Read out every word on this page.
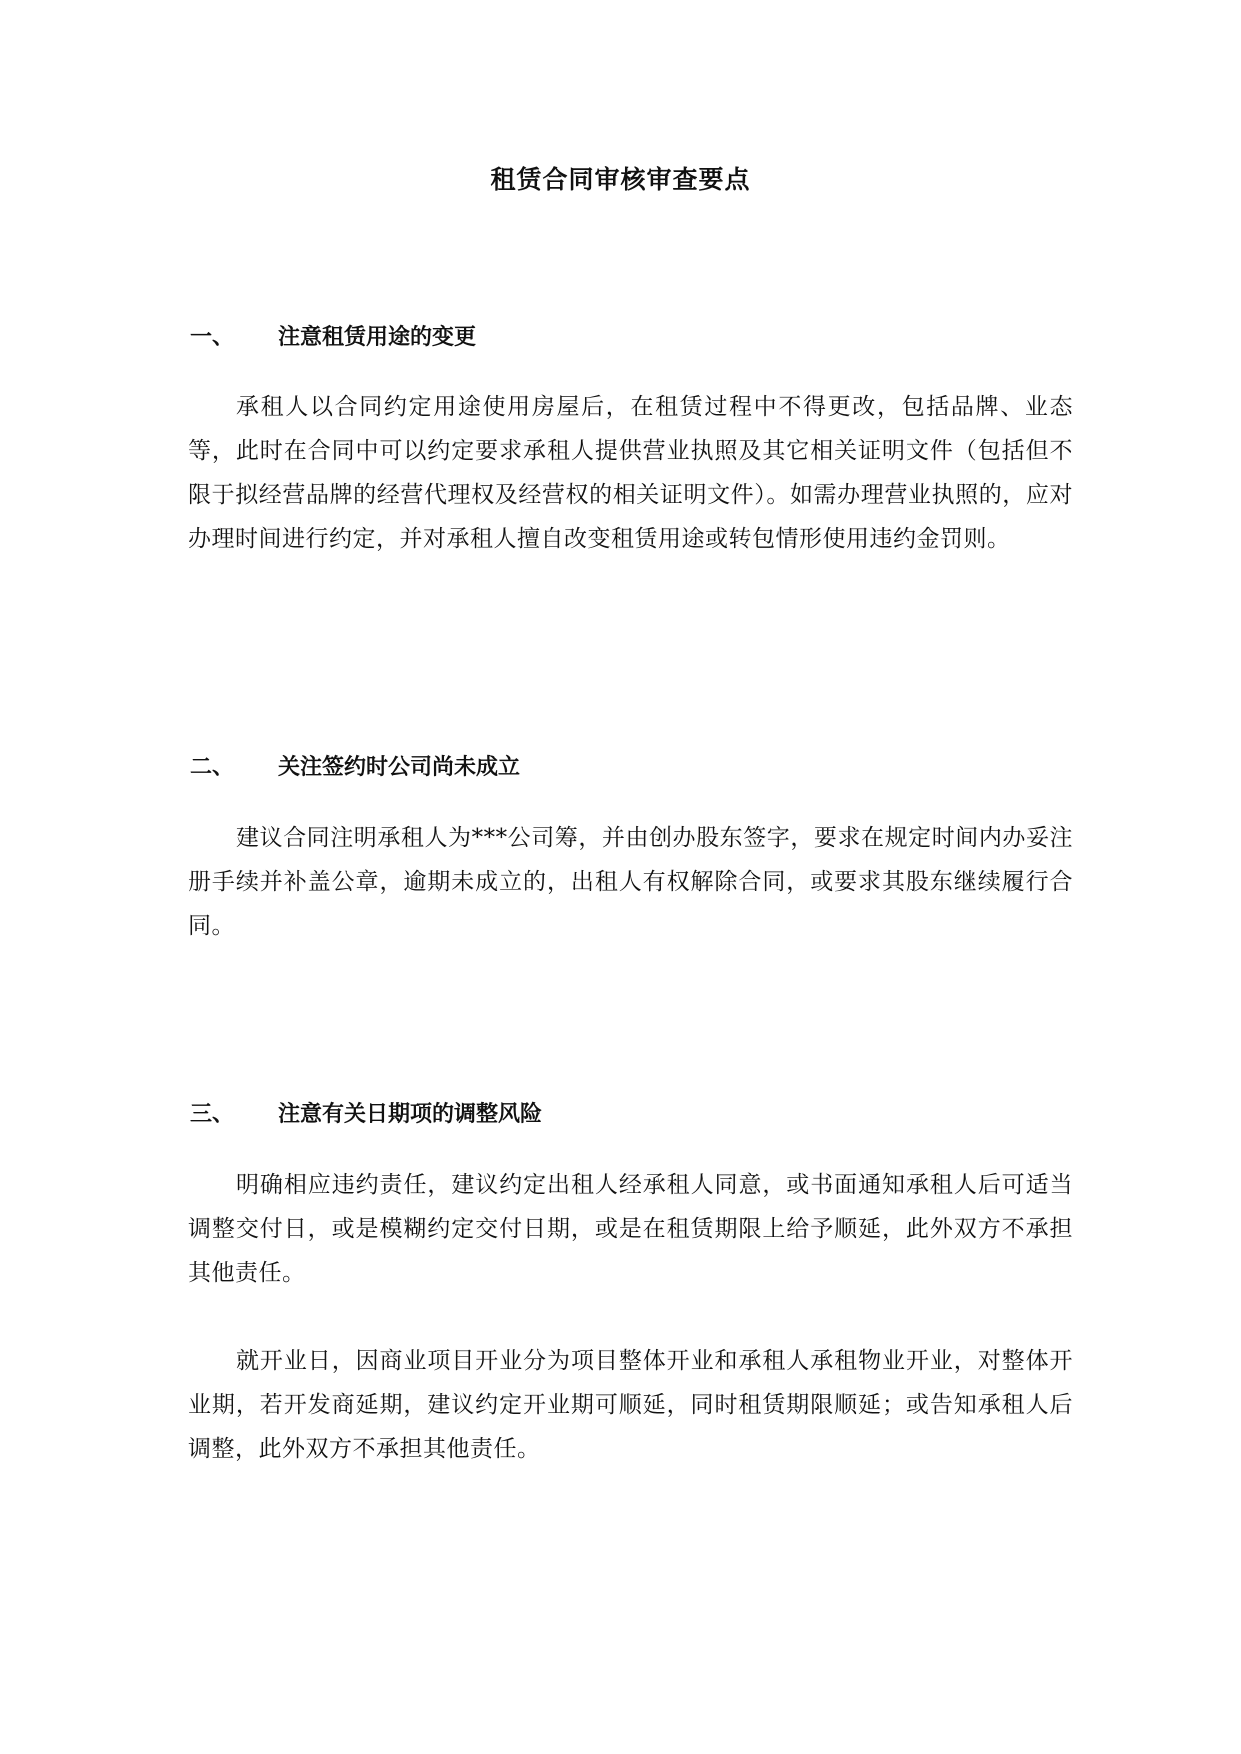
租赁合同审核审查要点
一、 注意租赁用途的变更

承租人以合同约定用途使用房屋后，在租赁过程中不得更改，包括品牌、业态等，此时在合同中可以约定要求承租人提供营业执照及其它相关证明文件（包括但不限于拟经营品牌的经营代理权及经营权的相关证明文件）。如需办理营业执照的，应对办理时间进行约定，并对承租人擅自改变租赁用途或转包情形使用违约金罚则。

二、 关注签约时公司尚未成立

建议合同注明承租人为***公司筹，并由创办股东签字，要求在规定时间内办妥注册手续并补盖公章，逾期未成立的，出租人有权解除合同，或要求其股东继续履行合同。

三、 注意有关日期项的调整风险

明确相应违约责任，建议约定出租人经承租人同意，或书面通知承租人后可适当调整交付日，或是模糊约定交付日期，或是在租赁期限上给予顺延，此外双方不承担其他责任。

就开业日，因商业项目开业分为项目整体开业和承租人承租物业开业，对整体开业期，若开发商延期，建议约定开业期可顺延，同时租赁期限顺延；或告知承租人后调整，此外双方不承担其他责任。
